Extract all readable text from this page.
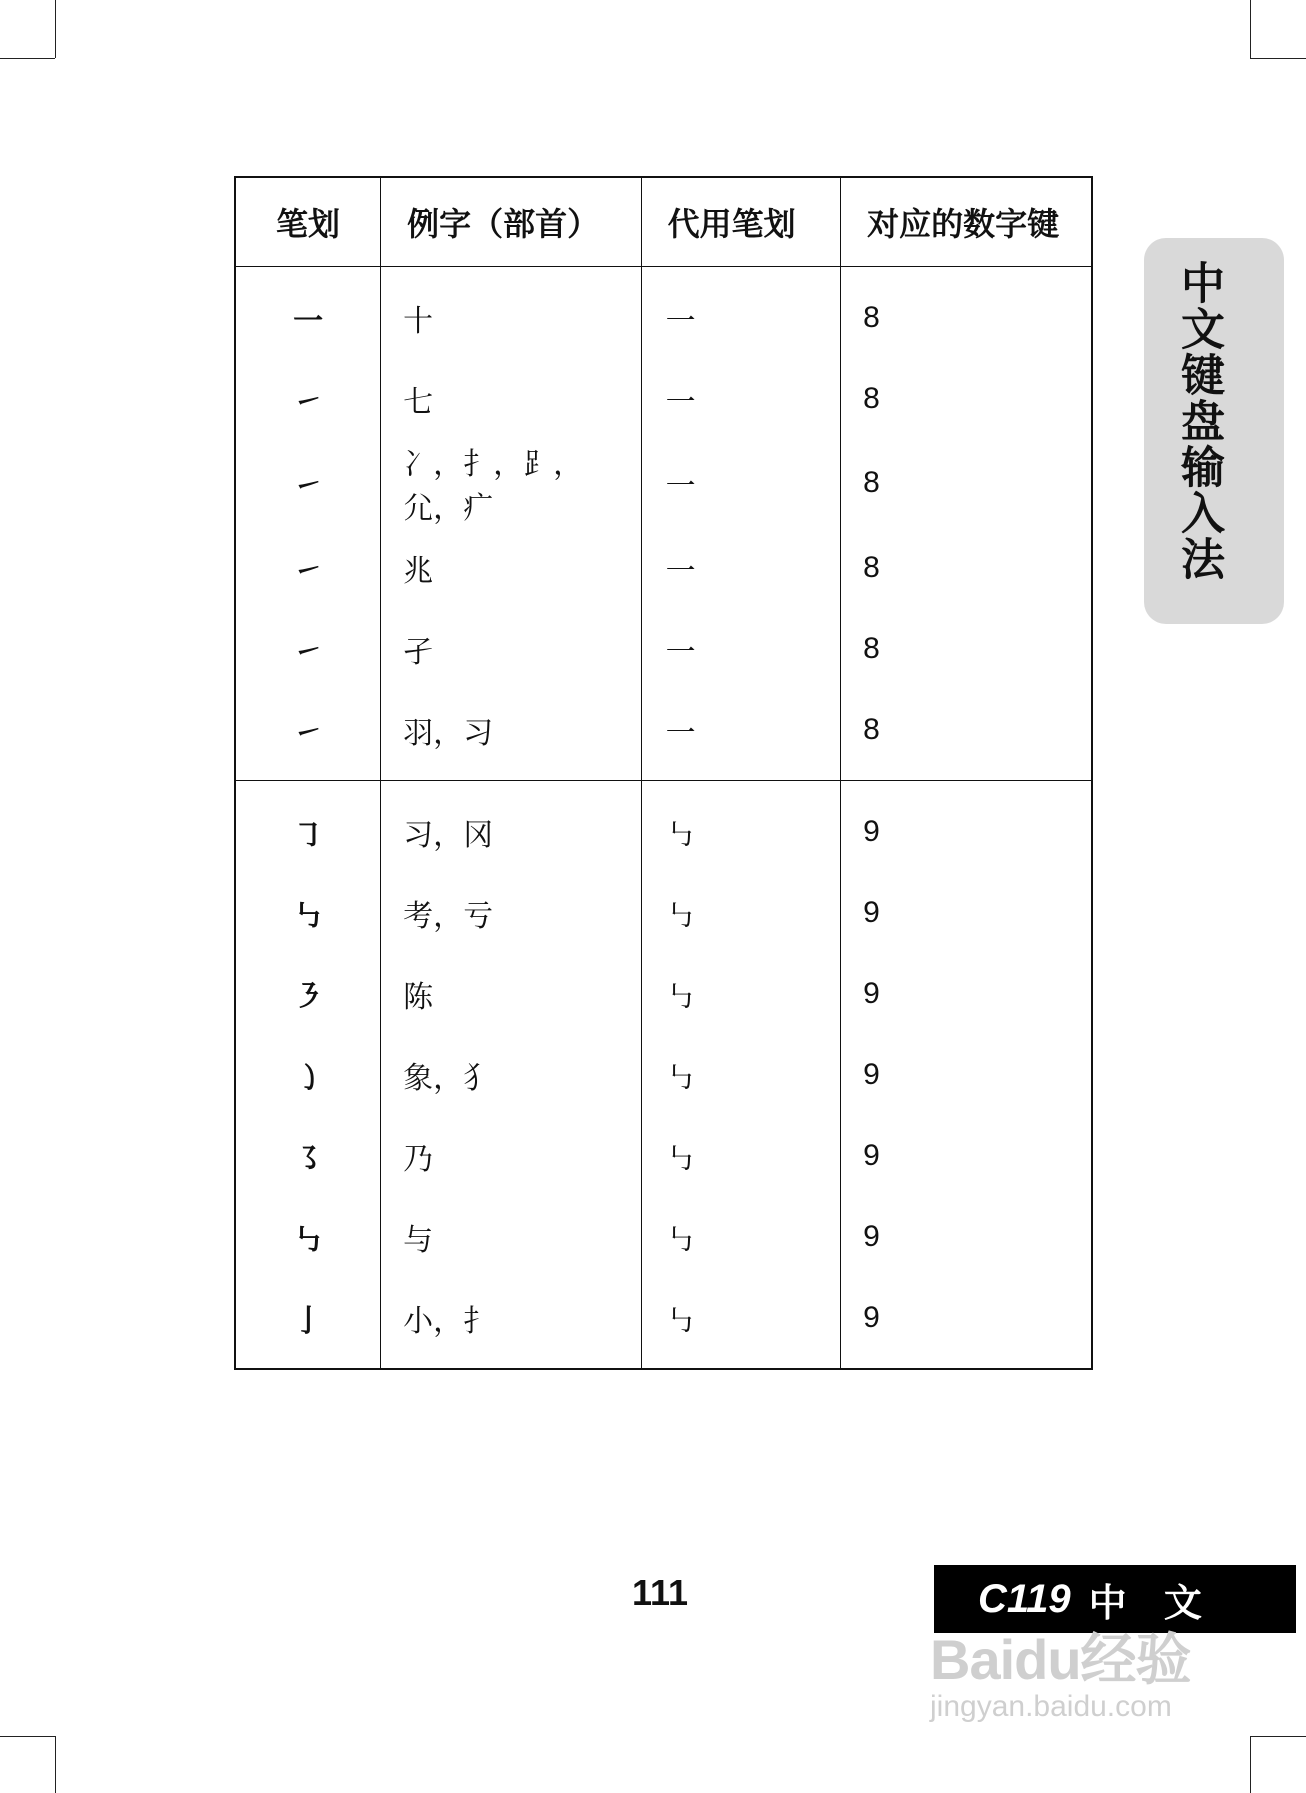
笔划	例字（部首）	代用笔划	对应的数字键
一	十	一	8
㇀	七	一	8
㇀	冫，扌，⻊，⺏，疒	一	8
㇀	兆	一	8
㇀	孑	一	8
㇀	羽，习	一	8
㇆	习，冈	㇉	9
㇉	考，亏	㇉	9
㇋	陈	㇉	9
㇁	象，犭	㇉	9
㇌	乃	㇉	9
㇉	与	㇉	9
亅	小，扌	㇉	9
中文键盘输入法
111	C119 中 文
Baidu经验
jingyan.baidu.com
